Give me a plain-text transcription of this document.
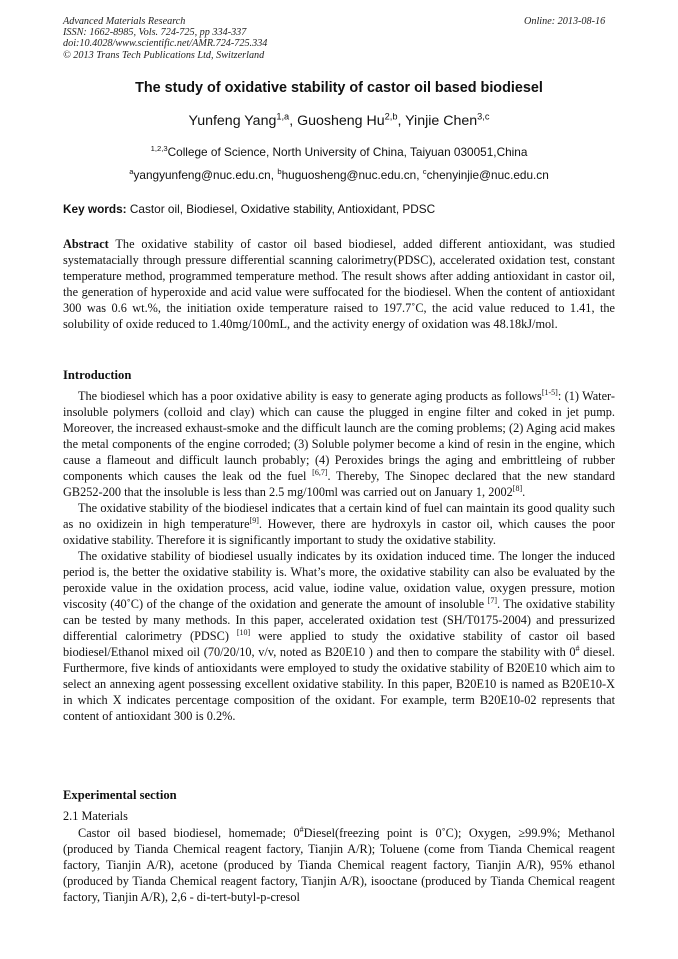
Advanced Materials Research
ISSN: 1662-8985, Vols. 724-725, pp 334-337
doi:10.4028/www.scientific.net/AMR.724-725.334
© 2013 Trans Tech Publications Ltd, Switzerland
Online: 2013-08-16
The study of oxidative stability of castor oil based biodiesel
Yunfeng Yang$^{1,a}$, Guosheng Hu$^{2,b}$, Yinjie Chen$^{3,c}$
$^{1,2,3}$College of Science, North University of China, Taiyuan 030051,China
$^a$yangyunfeng@nuc.edu.cn, $^b$huguosheng@nuc.edu.cn, $^c$chenyinjie@nuc.edu.cn
Key words: Castor oil, Biodiesel, Oxidative stability, Antioxidant, PDSC
Abstract The oxidative stability of castor oil based biodiesel, added different antioxidant, was studied systematacially through pressure differential scanning calorimetry(PDSC), accelerated oxidation test, constant temperature method, programmed temperature method. The result shows after adding antioxidant in castor oil, the generation of hyperoxide and acid value were suffocated for the biodiesel. When the content of antioxidant 300 was 0.6 wt.%, the initiation oxide temperature raised to 197.7˚C, the acid value reduced to 1.41, the solubility of oxide reduced to 1.40mg/100mL, and the activity energy of oxidation was 48.18kJ/mol.
Introduction

The biodiesel which has a poor oxidative ability is easy to generate aging products as follows[1-5]: (1) Water-insoluble polymers (colloid and clay) which can cause the plugged in engine filter and coked in jet pump. Moreover, the increased exhaust-smoke and the difficult launch are the coming problems; (2) Aging acid makes the metal components of the engine corroded; (3) Soluble polymer become a kind of resin in the engine, which cause a flameout and difficult launch probably; (4) Peroxides brings the aging and embrittleing of rubber components which causes the leak od the fuel [6,7]. Thereby, The Sinopec declared that the new standard GB252-200 that the insoluble is less than 2.5 mg/100ml was carried out on January 1, 2002[8].

The oxidative stability of the biodiesel indicates that a certain kind of fuel can maintain its good quality such as no oxidizein in high temperature[9]. However, there are hydroxyls in castor oil, which causes the poor oxidative stability. Therefore it is significantly important to study the oxidative stability.

The oxidative stability of biodiesel usually indicates by its oxidation induced time. The longer the induced period is, the better the oxidative stability is. What’s more, the oxidative stability can also be evaluated by the peroxide value in the oxidation process, acid value, iodine value, oxidation value, oxygen pressure, motion viscosity (40˚C) of the change of the oxidation and generate the amount of insoluble [7]. The oxidative stability can be tested by many methods. In this paper, accelerated oxidation test (SH/T0175-2004) and pressurized differential calorimetry (PDSC) [10] were applied to study the oxidative stability of castor oil based biodiesel/Ethanol mixed oil (70/20/10, v/v, noted as B20E10 ) and then to compare the stability with 0# diesel. Furthermore, five kinds of antioxidants were employed to study the oxidative stability of B20E10 which aim to select an annexing agent possessing excellent oxidative stability. In this paper, B20E10 is named as B20E10-X in which X indicates percentage composition of the oxidant. For example, term B20E10-02 represents that content of antioxidant 300 is 0.2%.

Experimental section
2.1 Materials

Castor oil based biodiesel, homemade; 0#Diesel(freezing point is 0˚C); Oxygen, ≥99.9%; Methanol (produced by Tianda Chemical reagent factory, Tianjin A/R); Toluene (come from Tianda Chemical reagent factory, Tianjin A/R), acetone (produced by Tianda Chemical reagent factory, Tianjin A/R), 95% ethanol (produced by Tianda Chemical reagent factory, Tianjin A/R), isooctane (produced by Tianda Chemical reagent factory, Tianjin A/R), 2,6 - di-tert-butyl-p-cresol
